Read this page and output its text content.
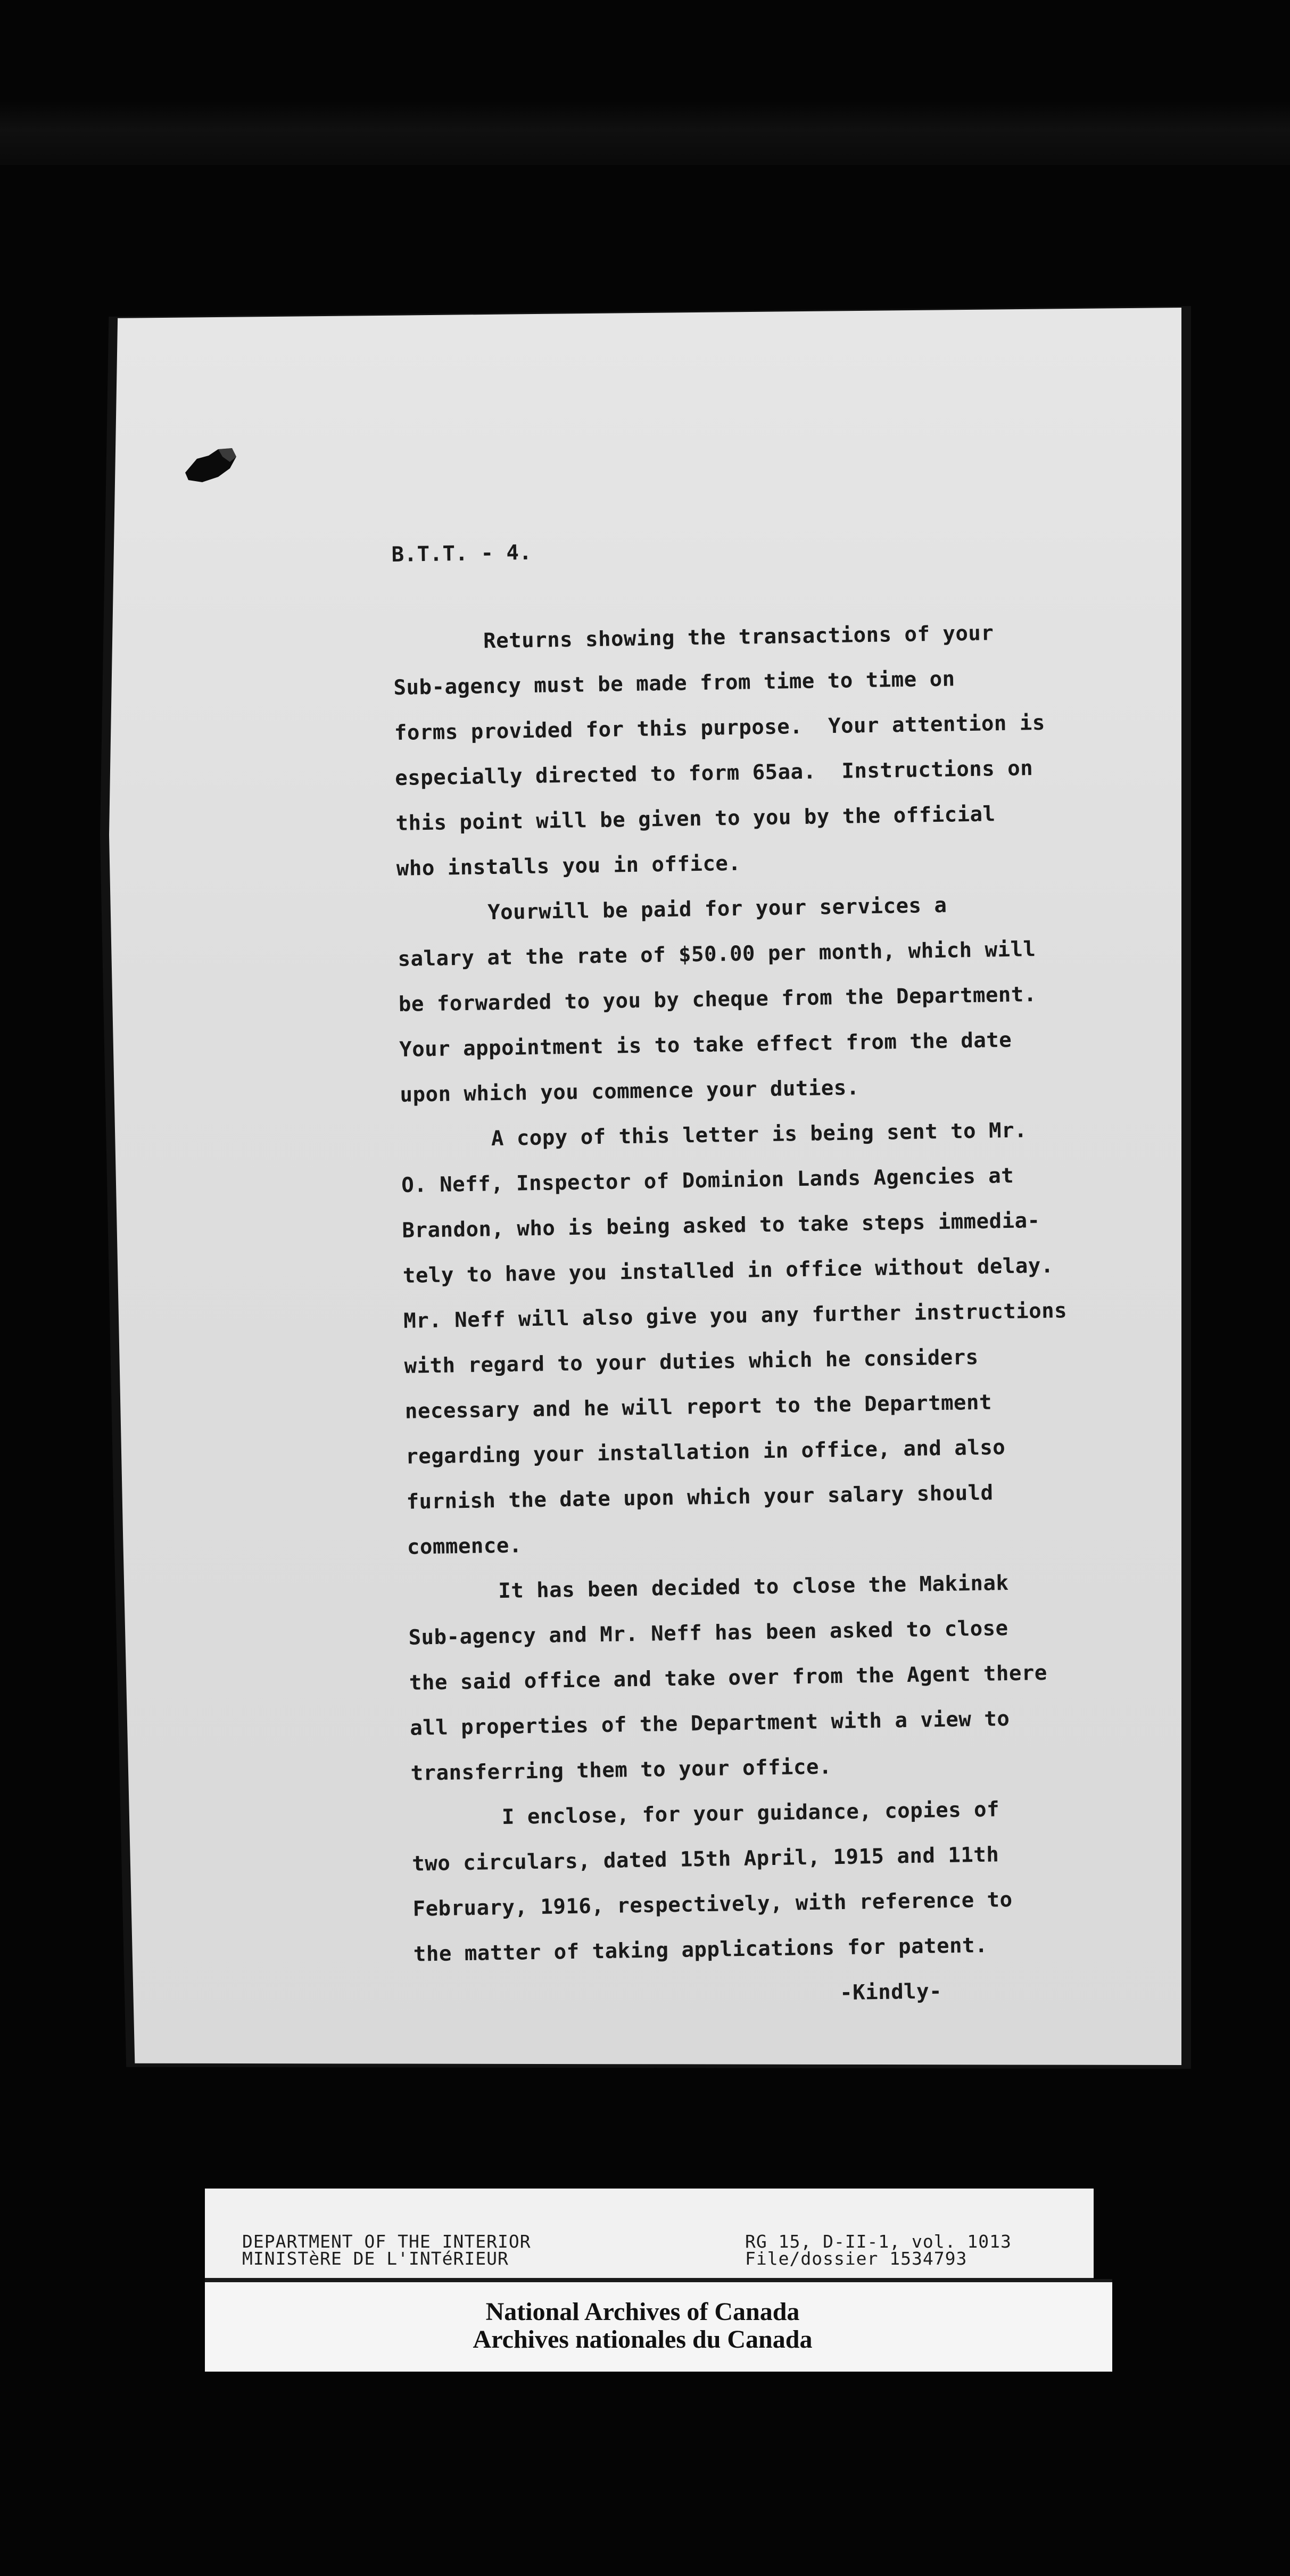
B.T.T. - 4.
Returns showing the transactions of your
Sub-agency must be made from time to time on
forms provided for this purpose.  Your attention is
especially directed to form 65aa.  Instructions on
this point will be given to you by the official
who installs you in office.
Yourwill be paid for your services a
salary at the rate of $50.00 per month, which will
be forwarded to you by cheque from the Department.
Your appointment is to take effect from the date
upon which you commence your duties.
A copy of this letter is being sent to Mr.
O. Neff, Inspector of Dominion Lands Agencies at
Brandon, who is being asked to take steps immedia-
tely to have you installed in office without delay.
Mr. Neff will also give you any further instructions
with regard to your duties which he considers
necessary and he will report to the Department
regarding your installation in office, and also
furnish the date upon which your salary should
commence.
It has been decided to close the Makinak
Sub-agency and Mr. Neff has been asked to close
the said office and take over from the Agent there
all properties of the Department with a view to
transferring them to your office.
I enclose, for your guidance, copies of
two circulars, dated 15th April, 1915 and 11th
February, 1916, respectively, with reference to
the matter of taking applications for patent.
-Kindly-
DEPARTMENT OF THE INTERIOR
MINISTèRE DE L'INTéRIEUR
RG 15, D-II-1, vol. 1013
File/dossier 1534793
National Archives of Canada
Archives nationales du Canada
